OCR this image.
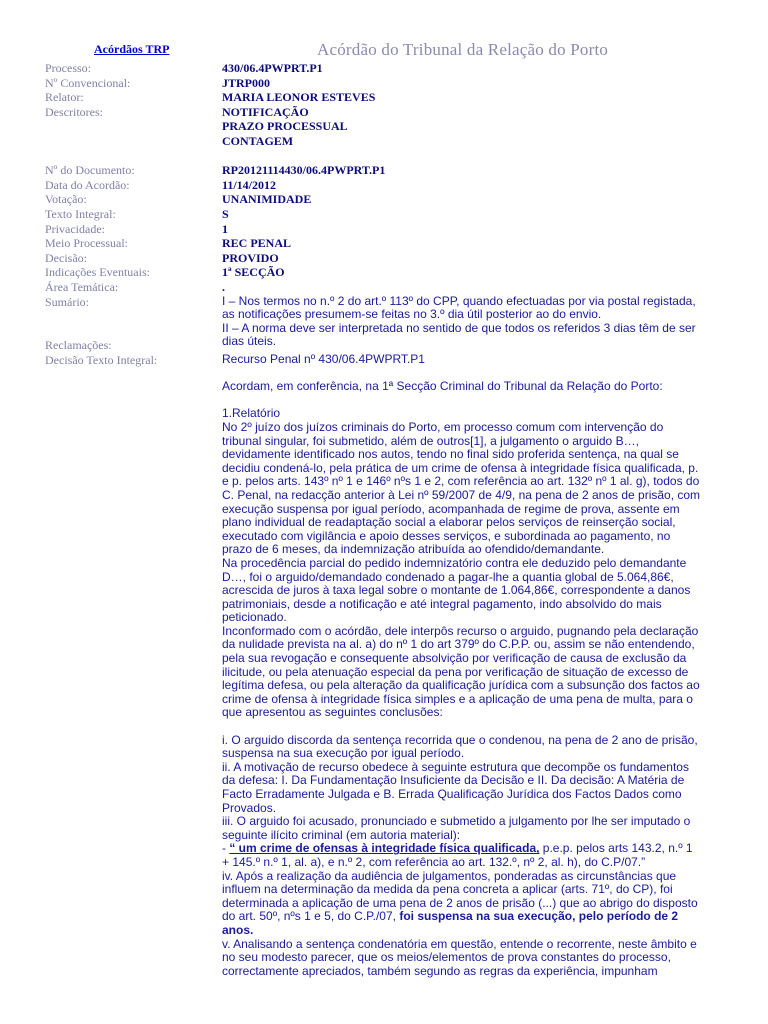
Acórdãos TRP	Acórdão do Tribunal da Relação do Porto
Processo:	430/06.4PWPRT.P1
Nº Convencional:	JTRP000
Relator:	MARIA LEONOR ESTEVES
Descritores:	NOTIFICAÇÃO
PRAZO PROCESSUAL
CONTAGEM

Nº do Documento:	RP20121114430/06.4PWPRT.P1
Data do Acordão:	11/14/2012
Votação:	UNANIMIDADE
Texto Integral:	S
Privacidade:	1
Meio Processual:	REC PENAL
Decisão:	PROVIDO
Indicações Eventuais:	1ª SECÇÃO
Área Temática:	.
Sumário:	I – Nos termos no n.º 2 do art.º 113º do CPP, quando efectuadas por via postal registada,
as notificações presumem-se feitas no 3.º dia útil posterior ao do envio.
II – A norma deve ser interpretada no sentido de que todos os referidos 3 dias têm de ser
dias úteis.
Reclamações:
Decisão Texto Integral:	Recurso Penal nº 430/06.4PWPRT.P1

Acordam, em conferência, na 1ª Secção Criminal do Tribunal da Relação do Porto:

1.Relatório

No 2º juízo dos juízos criminais do Porto, em processo comum com intervenção do
tribunal singular, foi submetido, além de outros[1], a julgamento o arguido B…,
devidamente identificado nos autos, tendo no final sido proferida sentença, na qual se
decidiu condená-lo, pela prática de um crime de ofensa à integridade física qualificada, p.
e p. pelos arts. 143º nº 1 e 146º nºs 1 e 2, com referência ao art. 132º nº 1 al. g), todos do
C. Penal, na redacção anterior à Lei nº 59/2007 de 4/9, na pena de 2 anos de prisão, com
execução suspensa por igual período, acompanhada de regime de prova, assente em
plano individual de readaptação social a elaborar pelos serviços de reinserção social,
executado com vigilância e apoio desses serviços, e subordinada ao pagamento, no
prazo de 6 meses, da indemnização atribuída ao ofendido/demandante.
Na procedência parcial do pedido indemnizatório contra ele deduzido pelo demandante
D…, foi o arguido/demandado condenado a pagar-lhe a quantia global de 5.064,86€,
acrescida de juros à taxa legal sobre o montante de 1.064,86€, correspondente a danos
patrimoniais, desde a notificação e até integral pagamento, indo absolvido do mais
peticionado.
Inconformado com o acórdão, dele interpôs recurso o arguido, pugnando pela declaração
da nulidade prevista na al. a) do nº 1 do art 379º do C.P.P. ou, assim se não entendendo,
pela sua revogação e consequente absolvição por verificação de causa de exclusão da
ilicitude, ou pela atenuação especial da pena por verificação de situação de excesso de
legítima defesa, ou pela alteração da qualificação jurídica com a subsunção dos factos ao
crime de ofensa à integridade física simples e a aplicação de uma pena de multa, para o
que apresentou as seguintes conclusões:
i. O arguido discorda da sentença recorrida que o condenou, na pena de 2 ano de prisão,
suspensa na sua execução por igual período.
ii. A motivação de recurso obedece à seguinte estrutura que decompõe os fundamentos
da defesa: I. Da Fundamentação Insuficiente da Decisão e II. Da decisão: A Matéria de
Facto Erradamente Julgada e B. Errada Qualificação Jurídica dos Factos Dados como
Provados.
iii. O arguido foi acusado, pronunciado e submetido a julgamento por lhe ser imputado o
seguinte ilícito criminal (em autoria material):

- “ um crime de ofensas à integridade física qualificada, p.e.p. pelos arts 143.2, n.º 1

+ 145.º n.º 1, al. a), e n.º 2, com referência ao art. 132.º, nº 2, al. h), do C.P/07.”

iv. Após a realização da audiência de julgamentos, ponderadas as circunstâncias que
influem na determinação da medida da pena concreta a aplicar (arts. 71º, do CP), foi
determinada a aplicação de uma pena de 2 anos de prisão (...) que ao abrigo do disposto

do art. 50º, nºs 1 e 5, do C.P./07, foi suspensa na sua execução, pelo período de 2

anos.

v. Analisando a sentença condenatória em questão, entende o recorrente, neste âmbito e
no seu modesto parecer, que os meios/elementos de prova constantes do processo,
correctamente apreciados, também segundo as regras da experiência, impunham
